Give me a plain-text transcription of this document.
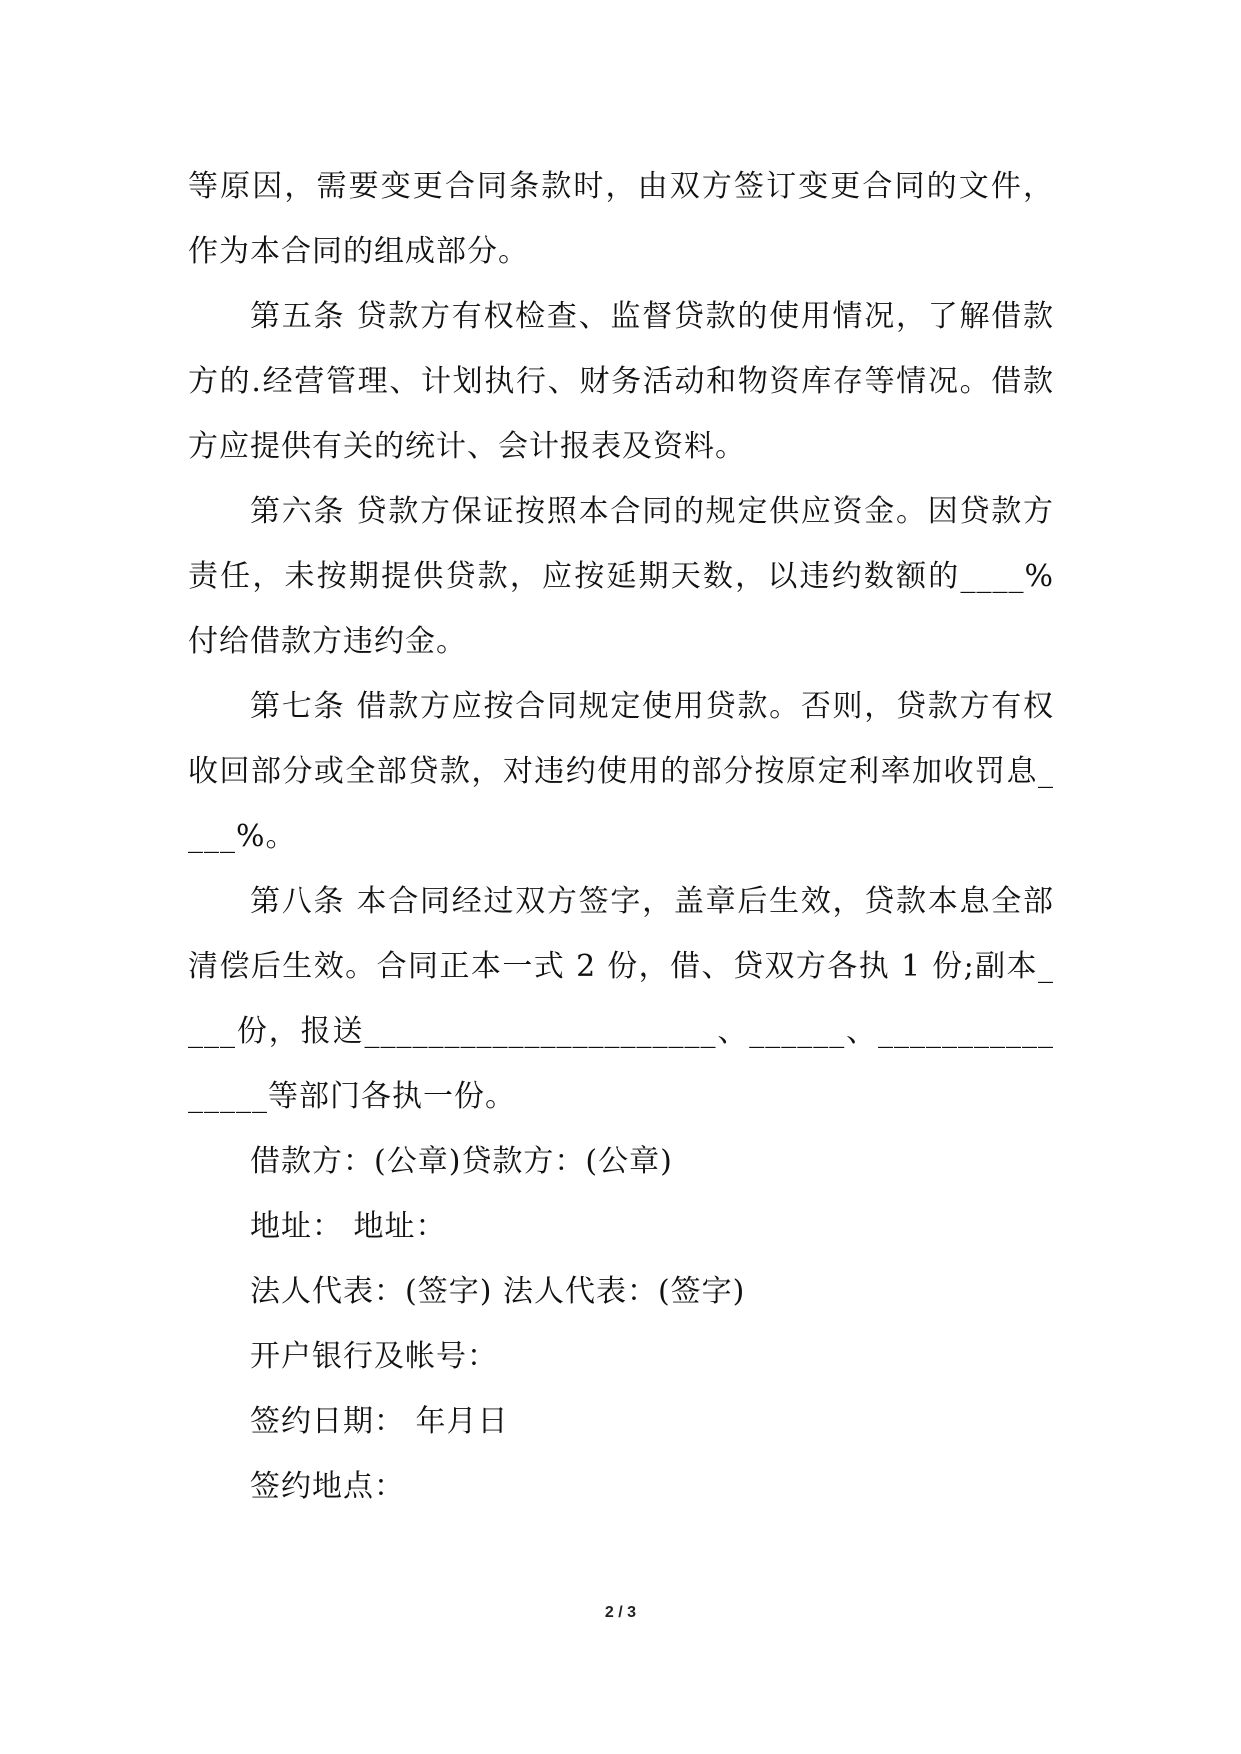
等原因，需要变更合同条款时，由双方签订变更合同的文件，作为本合同的组成部分。

第五条 贷款方有权检查、监督贷款的使用情况，了解借款方的.经营管理、计划执行、财务活动和物资库存等情况。借款方应提供有关的统计、会计报表及资料。

第六条 贷款方保证按照本合同的规定供应资金。因贷款方责任，未按期提供贷款，应按延期天数，以违约数额的____%付给借款方违约金。

第七条 借款方应按合同规定使用贷款。否则，贷款方有权收回部分或全部贷款，对违约使用的部分按原定利率加收罚息____%。

第八条 本合同经过双方签字，盖章后生效，贷款本息全部清偿后生效。合同正本一式 2 份，借、贷双方各执 1 份;副本____份，报送______________________、______、________________等部门各执一份。

借款方：(公章)贷款方：(公章)

地址： 地址：

法人代表：(签字) 法人代表：(签字)

开户银行及帐号：

签约日期： 年月日

签约地点：

2 / 3
